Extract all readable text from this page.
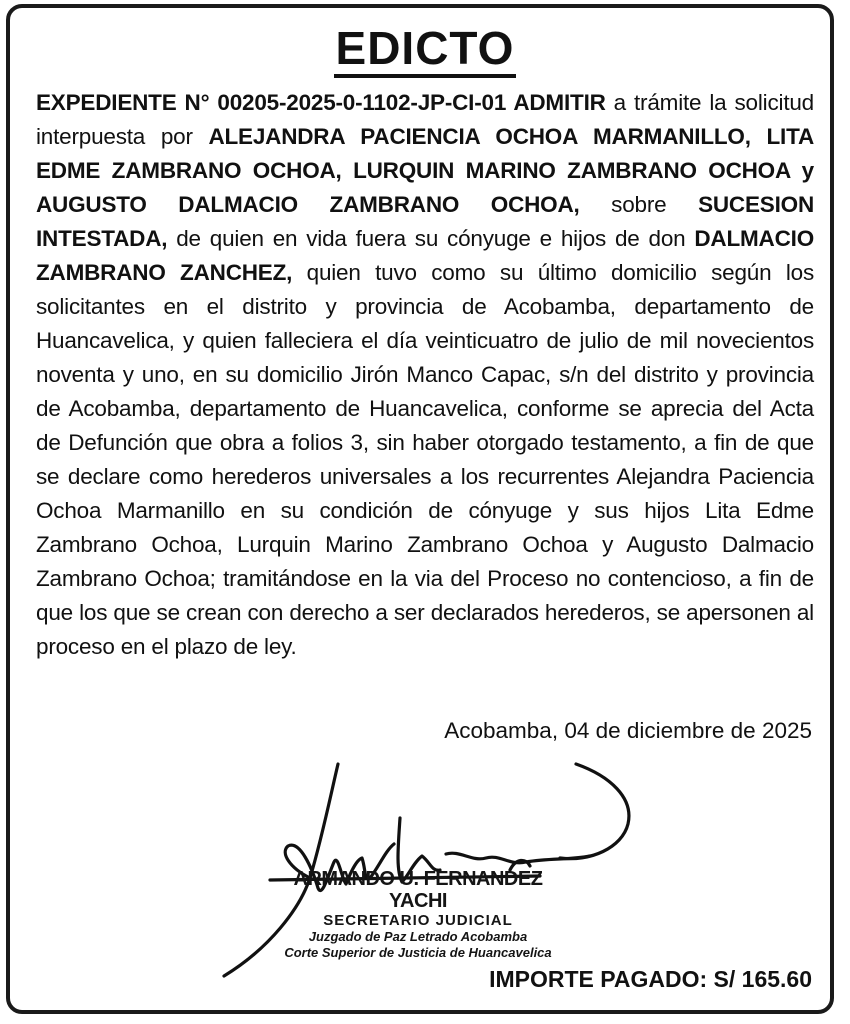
EDICTO
EXPEDIENTE N° 00205-2025-0-1102-JP-CI-01 ADMITIR a trámite la solicitud interpuesta por ALEJANDRA PACIENCIA OCHOA MARMANILLO, LITA EDME ZAMBRANO OCHOA, LURQUIN MARINO ZAMBRANO OCHOA y AUGUSTO DALMACIO ZAMBRANO OCHOA, sobre SUCESION INTESTADA, de quien en vida fuera su cónyuge e hijos de don DALMACIO ZAMBRANO ZANCHEZ, quien tuvo como su último domicilio según los solicitantes en el distrito y provincia de Acobamba, departamento de Huancavelica, y quien falleciera el día veinticuatro de julio de mil novecientos noventa y uno, en su domicilio Jirón Manco Capac, s/n del distrito y provincia de Acobamba, departamento de Huancavelica, conforme se aprecia del Acta de Defunción que obra a folios 3, sin haber otorgado testamento, a fin de que se declare como herederos universales a los recurrentes Alejandra Paciencia Ochoa Marmanillo en su condición de cónyuge y sus hijos Lita Edme Zambrano Ochoa, Lurquin Marino Zambrano Ochoa y Augusto Dalmacio Zambrano Ochoa; tramitándose en la via del Proceso no contencioso, a fin de que los que se crean con derecho a ser declarados herederos, se apersonen al proceso en el plazo de ley.
Acobamba, 04 de diciembre de 2025
ARMANDO U. FERNANDEZ YACHI
SECRETARIO JUDICIAL
Juzgado de Paz Letrado Acobamba
Corte Superior de Justicia de Huancavelica
IMPORTE PAGADO: S/ 165.60
